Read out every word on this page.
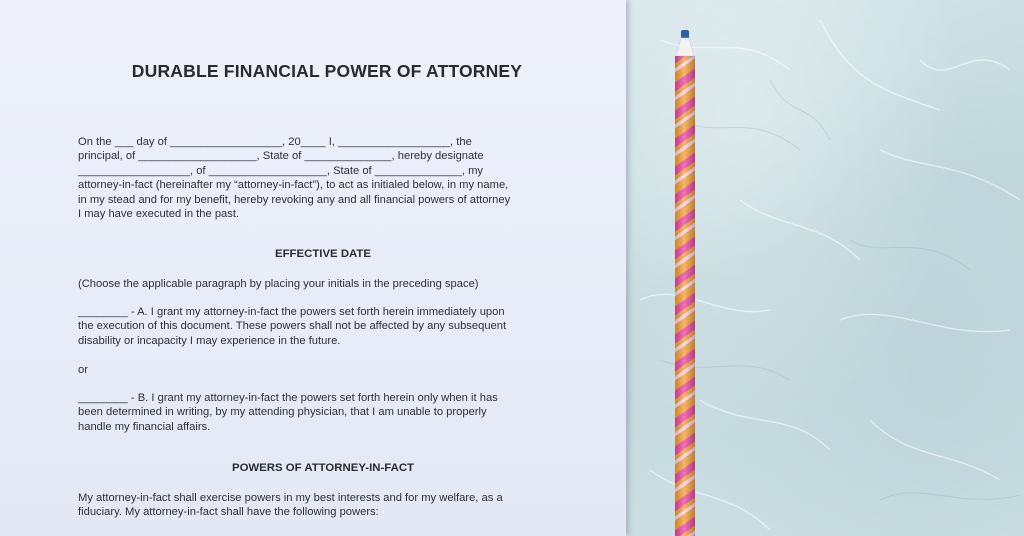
DURABLE FINANCIAL POWER OF ATTORNEY

On the ___ day of __________________, 20____ I, __________________, the

principal, of ___________________, State of ______________, hereby designate

__________________, of ___________________, State of ______________, my

attorney-in-fact (hereinafter my “attorney-in-fact”), to act as initialed below, in my name,

in my stead and for my benefit, hereby revoking any and all financial powers of attorney

I may have executed in the past.

EFFECTIVE DATE

(Choose the applicable paragraph by placing your initials in the preceding space)

________ - A. I grant my attorney-in-fact the powers set forth herein immediately upon

the execution of this document. These powers shall not be affected by any subsequent

disability or incapacity I may experience in the future.

or

________ - B. I grant my attorney-in-fact the powers set forth herein only when it has

been determined in writing, by my attending physician, that I am unable to properly

handle my financial affairs.

POWERS OF ATTORNEY-IN-FACT

My attorney-in-fact shall exercise powers in my best interests and for my welfare, as a

fiduciary. My attorney-in-fact shall have the following powers:
